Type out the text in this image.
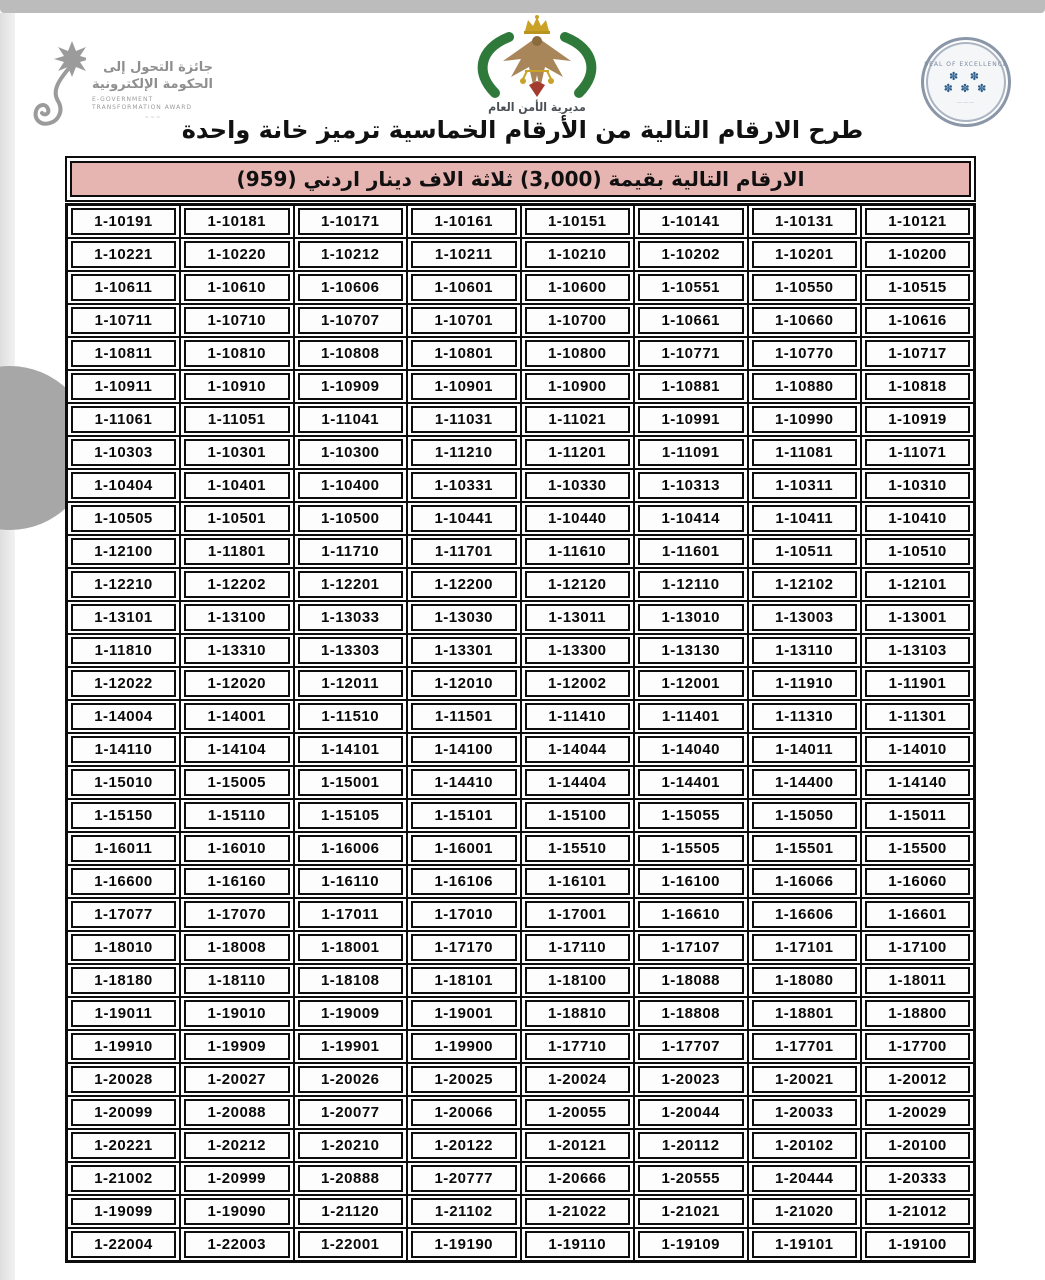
جائزة التحول إلى
الحكومة الإلكترونية
E-GOVERNMENT
TRANSFORMATION AWARD
~ ~ ~
مديرية الأمن العام
SEAL OF EXCELLENCE
✽ ✽
✽ ✽ ✽
﹏﹏﹏
طرح الارقام التالية من الأرقام الخماسية ترميز خانة واحدة
الارقام التالية بقيمة (3,000) ثلاثة الاف دينار اردني (959)
1-10191	1-10181	1-10171	1-10161	1-10151	1-10141	1-10131	1-10121

1-10221	1-10220	1-10212	1-10211	1-10210	1-10202	1-10201	1-10200

1-10611	1-10610	1-10606	1-10601	1-10600	1-10551	1-10550	1-10515

1-10711	1-10710	1-10707	1-10701	1-10700	1-10661	1-10660	1-10616

1-10811	1-10810	1-10808	1-10801	1-10800	1-10771	1-10770	1-10717

1-10911	1-10910	1-10909	1-10901	1-10900	1-10881	1-10880	1-10818

1-11061	1-11051	1-11041	1-11031	1-11021	1-10991	1-10990	1-10919

1-10303	1-10301	1-10300	1-11210	1-11201	1-11091	1-11081	1-11071

1-10404	1-10401	1-10400	1-10331	1-10330	1-10313	1-10311	1-10310

1-10505	1-10501	1-10500	1-10441	1-10440	1-10414	1-10411	1-10410

1-12100	1-11801	1-11710	1-11701	1-11610	1-11601	1-10511	1-10510

1-12210	1-12202	1-12201	1-12200	1-12120	1-12110	1-12102	1-12101

1-13101	1-13100	1-13033	1-13030	1-13011	1-13010	1-13003	1-13001

1-11810	1-13310	1-13303	1-13301	1-13300	1-13130	1-13110	1-13103

1-12022	1-12020	1-12011	1-12010	1-12002	1-12001	1-11910	1-11901

1-14004	1-14001	1-11510	1-11501	1-11410	1-11401	1-11310	1-11301

1-14110	1-14104	1-14101	1-14100	1-14044	1-14040	1-14011	1-14010

1-15010	1-15005	1-15001	1-14410	1-14404	1-14401	1-14400	1-14140

1-15150	1-15110	1-15105	1-15101	1-15100	1-15055	1-15050	1-15011

1-16011	1-16010	1-16006	1-16001	1-15510	1-15505	1-15501	1-15500

1-16600	1-16160	1-16110	1-16106	1-16101	1-16100	1-16066	1-16060

1-17077	1-17070	1-17011	1-17010	1-17001	1-16610	1-16606	1-16601

1-18010	1-18008	1-18001	1-17170	1-17110	1-17107	1-17101	1-17100

1-18180	1-18110	1-18108	1-18101	1-18100	1-18088	1-18080	1-18011

1-19011	1-19010	1-19009	1-19001	1-18810	1-18808	1-18801	1-18800

1-19910	1-19909	1-19901	1-19900	1-17710	1-17707	1-17701	1-17700

1-20028	1-20027	1-20026	1-20025	1-20024	1-20023	1-20021	1-20012

1-20099	1-20088	1-20077	1-20066	1-20055	1-20044	1-20033	1-20029

1-20221	1-20212	1-20210	1-20122	1-20121	1-20112	1-20102	1-20100

1-21002	1-20999	1-20888	1-20777	1-20666	1-20555	1-20444	1-20333

1-19099	1-19090	1-21120	1-21102	1-21022	1-21021	1-21020	1-21012

1-22004	1-22003	1-22001	1-19190	1-19110	1-19109	1-19101	1-19100
